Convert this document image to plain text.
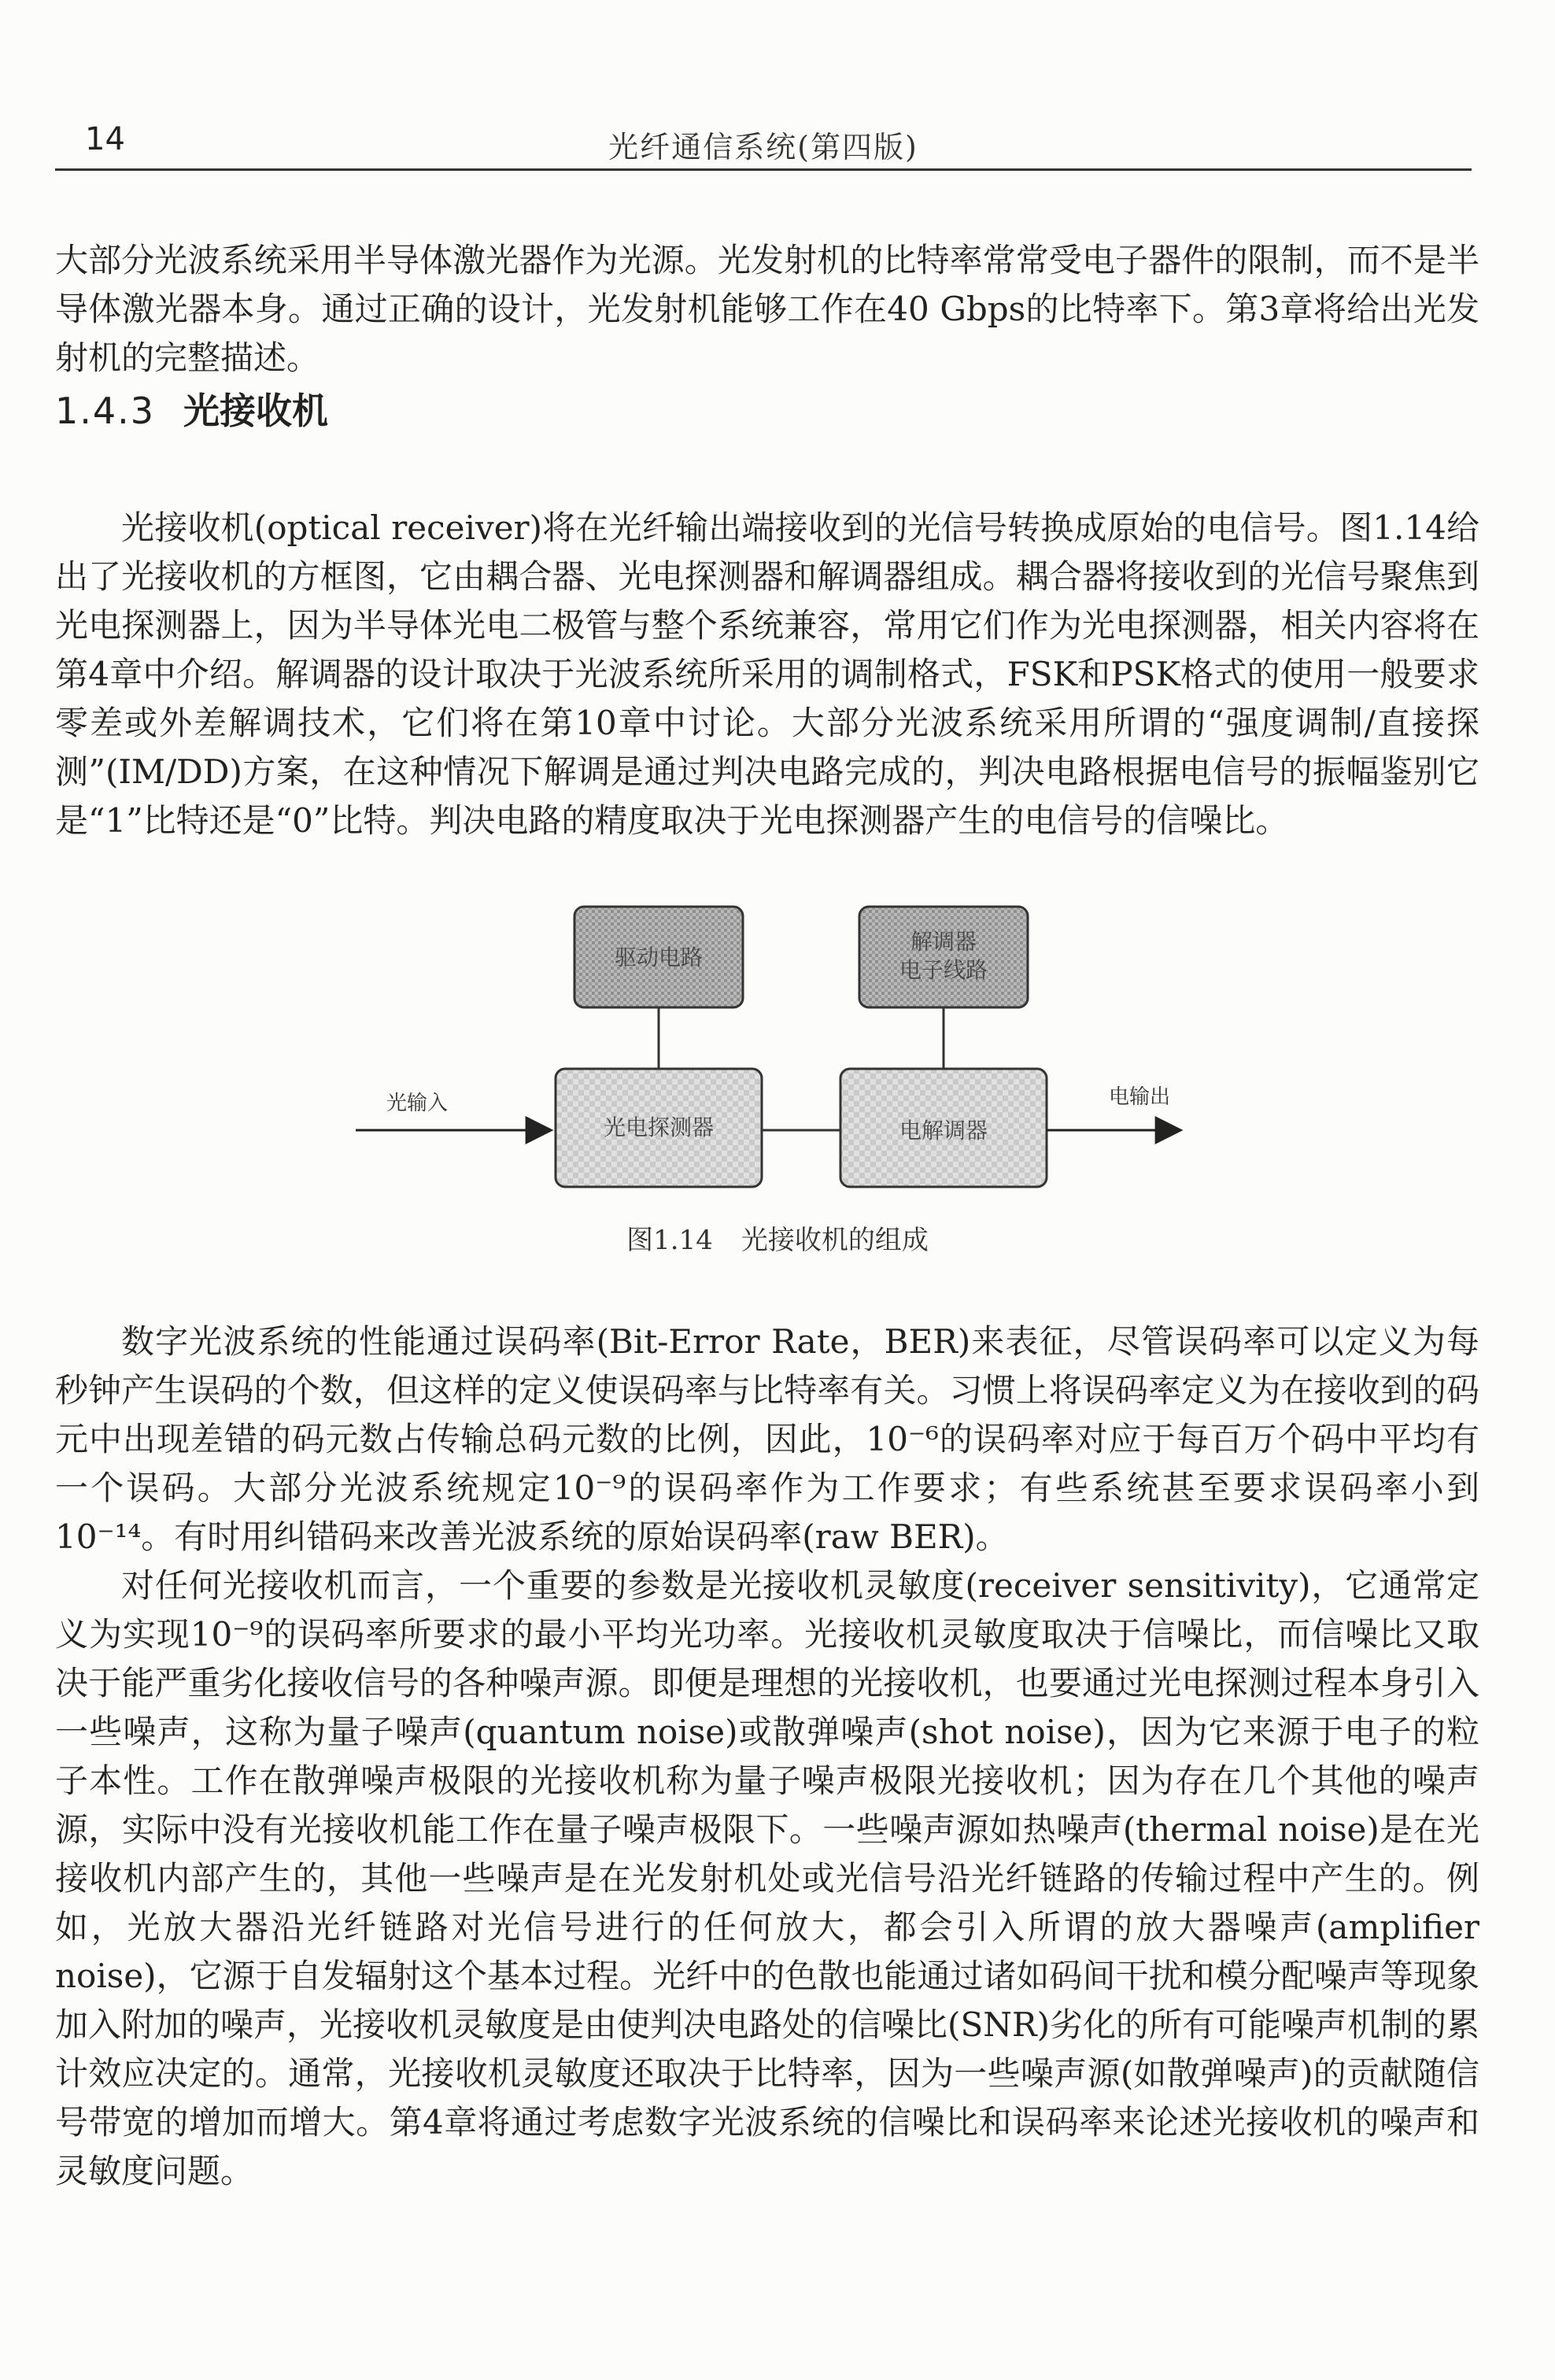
14	光纤通信系统(第四版)

大部分光波系统采用半导体激光器作为光源。光发射机的比特率常常受电子器件的限制，而不是半导体激光器本身。通过正确的设计，光发射机能够工作在40 Gbps的比特率下。第3章将给出光发射机的完整描述。

1.4.3 光接收机

光接收机(optical receiver)将在光纤输出端接收到的光信号转换成原始的电信号。图1.14给出了光接收机的方框图，它由耦合器、光电探测器和解调器组成。耦合器将接收到的光信号聚焦到光电探测器上，因为半导体光电二极管与整个系统兼容，常用它们作为光电探测器，相关内容将在第4章中介绍。解调器的设计取决于光波系统所采用的调制格式，FSK和PSK格式的使用一般要求零差或外差解调技术，它们将在第10章中讨论。大部分光波系统采用所谓的“强度调制/直接探测”(IM/DD)方案，在这种情况下解调是通过判决电路完成的，判决电路根据电信号的振幅鉴别它是“1”比特还是“0”比特。判决电路的精度取决于光电探测器产生的电信号的信噪比。

驱动电路
解调器
电子线路
光电探测器	电解调器
光输入	电输出
图1.14 光接收机的组成

数字光波系统的性能通过误码率(Bit-Error Rate，BER)来表征，尽管误码率可以定义为每秒钟产生误码的个数，但这样的定义使误码率与比特率有关。习惯上将误码率定义为在接收到的码元中出现差错的码元数占传输总码元数的比例，因此，10⁻⁶的误码率对应于每百万个码中平均有一个误码。大部分光波系统规定10⁻⁹的误码率作为工作要求；有些系统甚至要求误码率小到10⁻¹⁴。有时用纠错码来改善光波系统的原始误码率(raw BER)。

对任何光接收机而言，一个重要的参数是光接收机灵敏度(receiver sensitivity)，它通常定义为实现10⁻⁹的误码率所要求的最小平均光功率。光接收机灵敏度取决于信噪比，而信噪比又取决于能严重劣化接收信号的各种噪声源。即便是理想的光接收机，也要通过光电探测过程本身引入一些噪声，这称为量子噪声(quantum noise)或散弹噪声(shot noise)，因为它来源于电子的粒子本性。工作在散弹噪声极限的光接收机称为量子噪声极限光接收机；因为存在几个其他的噪声源，实际中没有光接收机能工作在量子噪声极限下。一些噪声源如热噪声(thermal noise)是在光接收机内部产生的，其他一些噪声是在光发射机处或光信号沿光纤链路的传输过程中产生的。例如，光放大器沿光纤链路对光信号进行的任何放大，都会引入所谓的放大器噪声(amplifier noise)，它源于自发辐射这个基本过程。光纤中的色散也能通过诸如码间干扰和模分配噪声等现象加入附加的噪声，光接收机灵敏度是由使判决电路处的信噪比(SNR)劣化的所有可能噪声机制的累计效应决定的。通常，光接收机灵敏度还取决于比特率，因为一些噪声源(如散弹噪声)的贡献随信号带宽的增加而增大。第4章将通过考虑数字光波系统的信噪比和误码率来论述光接收机的噪声和灵敏度问题。
